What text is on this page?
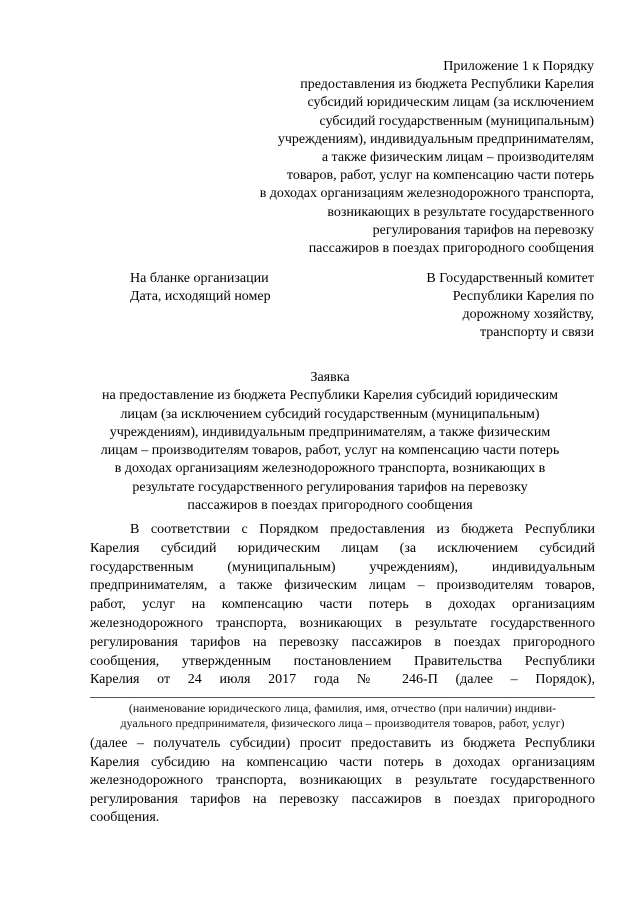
Приложение 1 к Порядку
предоставления из бюджета Республики Карелия
субсидий юридическим лицам (за исключением
субсидий государственным (муниципальным)
учреждениям), индивидуальным предпринимателям,
а также физическим лицам – производителям
товаров, работ, услуг на компенсацию части потерь
в доходах организациям железнодорожного транспорта,
возникающих в результате государственного
регулирования тарифов на перевозку
пассажиров в поездах пригородного сообщения
На бланке организации
Дата, исходящий номер
В Государственный комитет
Республики Карелия по
дорожному хозяйству,
транспорту и связи
Заявка
на предоставление из бюджета Республики Карелия субсидий юридическим
лицам (за исключением субсидий государственным (муниципальным)
учреждениям), индивидуальным предпринимателям, а также физическим
лицам – производителям товаров, работ, услуг на компенсацию части потерь
в доходах организациям железнодорожного транспорта, возникающих в
результате государственного регулирования тарифов на перевозку
пассажиров в поездах пригородного сообщения
В соответствии с Порядком предоставления из бюджета Республики
Карелия субсидий юридическим лицам (за исключением субсидий
государственным (муниципальным) учреждениям), индивидуальным
предпринимателям, а также физическим лицам – производителям товаров,
работ, услуг на компенсацию части потерь в доходах организациям
железнодорожного транспорта, возникающих в результате государственного
регулирования тарифов на перевозку пассажиров в поездах пригородного
сообщения, утвержденным постановлением Правительства Республики
Карелия от 24 июля 2017 года № 246-П (далее – Порядок),
(наименование юридического лица, фамилия, имя, отчество (при наличии) индиви-
дуального предпринимателя, физического лица – производителя товаров, работ, услуг)
(далее – получатель субсидии) просит предоставить из бюджета Республики
Карелия субсидию на компенсацию части потерь в доходах организациям
железнодорожного транспорта, возникающих в результате государственного
регулирования тарифов на перевозку пассажиров в поездах пригородного
сообщения.
